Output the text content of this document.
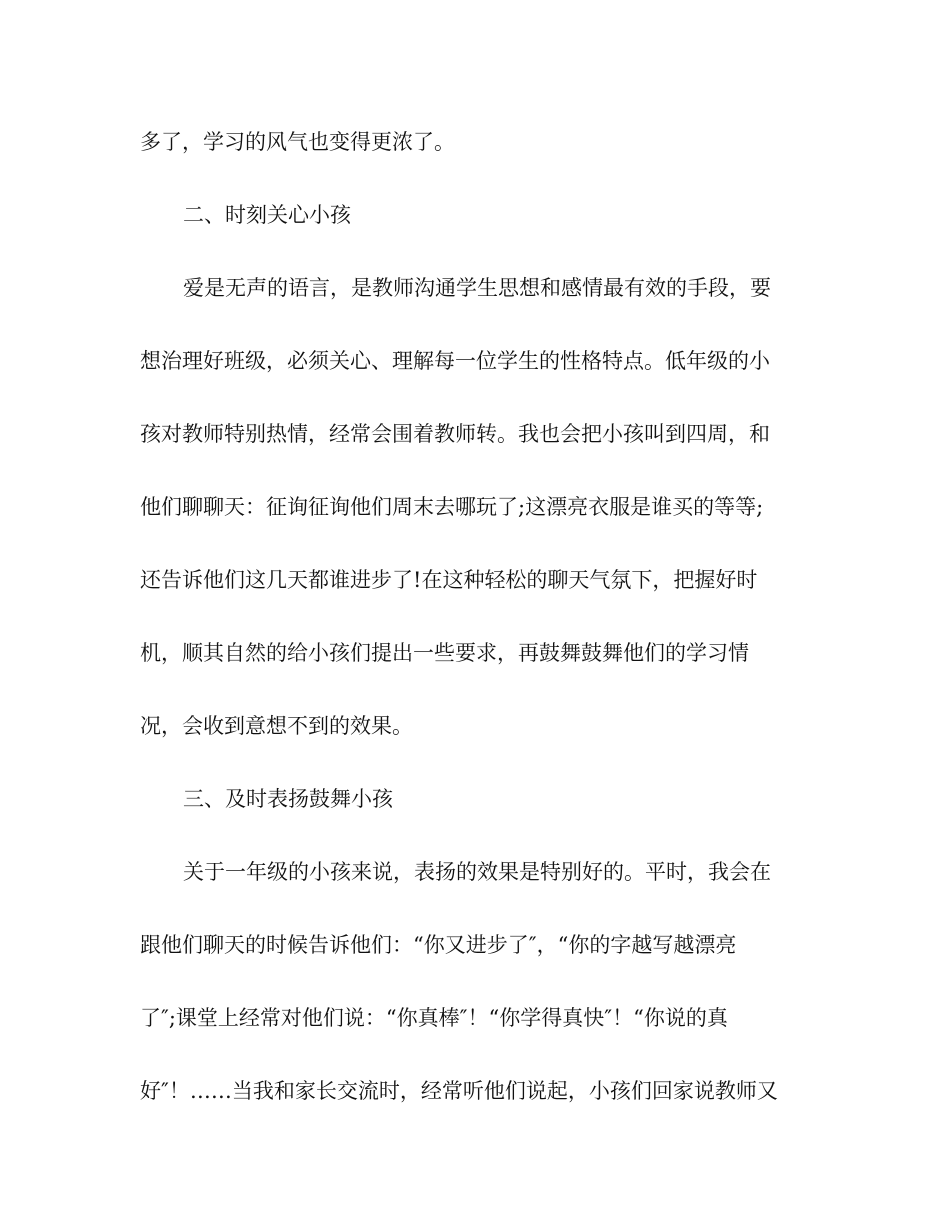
多了，学习的风气也变得更浓了。

二、时刻关心小孩

爱是无声的语言，是教师沟通学生思想和感情最有效的手段，要

想治理好班级，必须关心、理解每一位学生的性格特点。低年级的小

孩对教师特别热情，经常会围着教师转。我也会把小孩叫到四周，和

他们聊聊天：征询征询他们周末去哪玩了;这漂亮衣服是谁买的等等;

还告诉他们这几天都谁进步了!在这种轻松的聊天气氛下，把握好时

机，顺其自然的给小孩们提出一些要求，再鼓舞鼓舞他们的学习情

况，会收到意想不到的效果。

三、及时表扬鼓舞小孩

关于一年级的小孩来说，表扬的效果是特别好的。平时，我会在

跟他们聊天的时候告诉他们：“你又进步了″，“你的字越写越漂亮

了″;课堂上经常对他们说：“你真棒″！“你学得真快″！“你说的真

好″！……当我和家长交流时，经常听他们说起，小孩们回家说教师又
